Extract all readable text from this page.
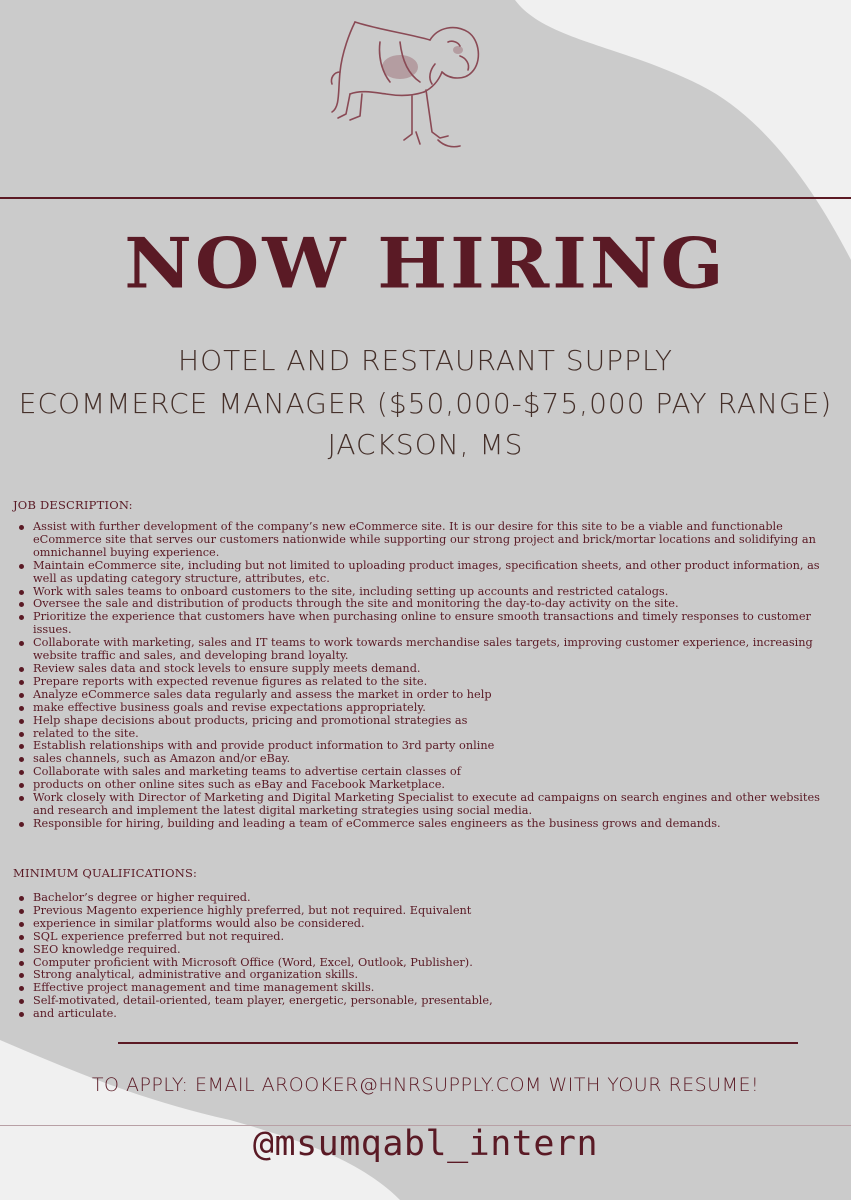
NOW HIRING
HOTEL AND RESTAURANT SUPPLY
ECOMMERCE MANAGER ($50,000-$75,000 PAY RANGE)
JACKSON, MS
JOB DESCRIPTION:
Assist with further development of the company’s new eCommerce site. It is our desire for this site to be a viable and functionable eCommerce site that serves our customers nationwide while supporting our strong project and brick/mortar locations and solidifying an omnichannel buying experience.
Maintain eCommerce site, including but not limited to uploading product images, specification sheets, and other product information, as well as updating category structure, attributes, etc.
Work with sales teams to onboard customers to the site, including setting up accounts and restricted catalogs.
Oversee the sale and distribution of products through the site and monitoring the day-to-day activity on the site.
Prioritize the experience that customers have when purchasing online to ensure smooth transactions and timely responses to customer issues.
Collaborate with marketing, sales and IT teams to work towards merchandise sales targets, improving customer experience, increasing website traffic and sales, and developing brand loyalty.
Review sales data and stock levels to ensure supply meets demand.
Prepare reports with expected revenue figures as related to the site.
Analyze eCommerce sales data regularly and assess the market in order to help
make effective business goals and revise expectations appropriately.
Help shape decisions about products, pricing and promotional strategies as
related to the site.
Establish relationships with and provide product information to 3rd party online
sales channels, such as Amazon and/or eBay.
Collaborate with sales and marketing teams to advertise certain classes of
products on other online sites such as eBay and Facebook Marketplace.
Work closely with Director of Marketing and Digital Marketing Specialist to execute ad campaigns on search engines and other websites and research and implement the latest digital marketing strategies using social media.
Responsible for hiring, building and leading a team of eCommerce sales engineers as the business grows and demands.
MINIMUM QUALIFICATIONS:
Bachelor’s degree or higher required.
Previous Magento experience highly preferred, but not required. Equivalent
experience in similar platforms would also be considered.
SQL experience preferred but not required.
SEO knowledge required.
Computer proficient with Microsoft Office (Word, Excel, Outlook, Publisher).
Strong analytical, administrative and organization skills.
Effective project management and time management skills.
Self-motivated, detail-oriented, team player, energetic, personable, presentable,
and articulate.
TO APPLY: EMAIL AROOKER@HNRSUPPLY.COM WITH YOUR RESUME!
@msumqabl_intern
